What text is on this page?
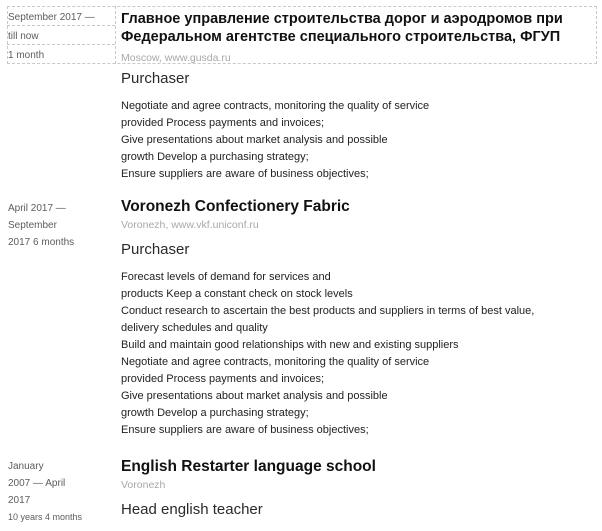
September 2017 —
till now
1 month
Главное управление строительства дорог и аэродромов при
Федеральном агентстве специального строительства, ФГУП
Moscow, www.gusda.ru
Purchaser
Negotiate and agree contracts, monitoring the quality of service
provided Process payments and invoices;
Give presentations about market analysis and possible
growth Develop a purchasing strategy;
Ensure suppliers are aware of business objectives;
April 2017 —
September
2017 6 months
Voronezh Confectionery Fabric
Voronezh, www.vkf.uniconf.ru
Purchaser
Forecast levels of demand for services and
products Keep a constant check on stock levels
Conduct research to ascertain the best products and suppliers in terms of best value,
delivery schedules and quality
Build and maintain good relationships with new and existing suppliers
Negotiate and agree contracts, monitoring the quality of service
provided Process payments and invoices;
Give presentations about market analysis and possible
growth Develop a purchasing strategy;
Ensure suppliers are aware of business objectives;
January
2007 — April
2017
10 years 4 months
English Restarter language school
Voronezh
Head english teacher
